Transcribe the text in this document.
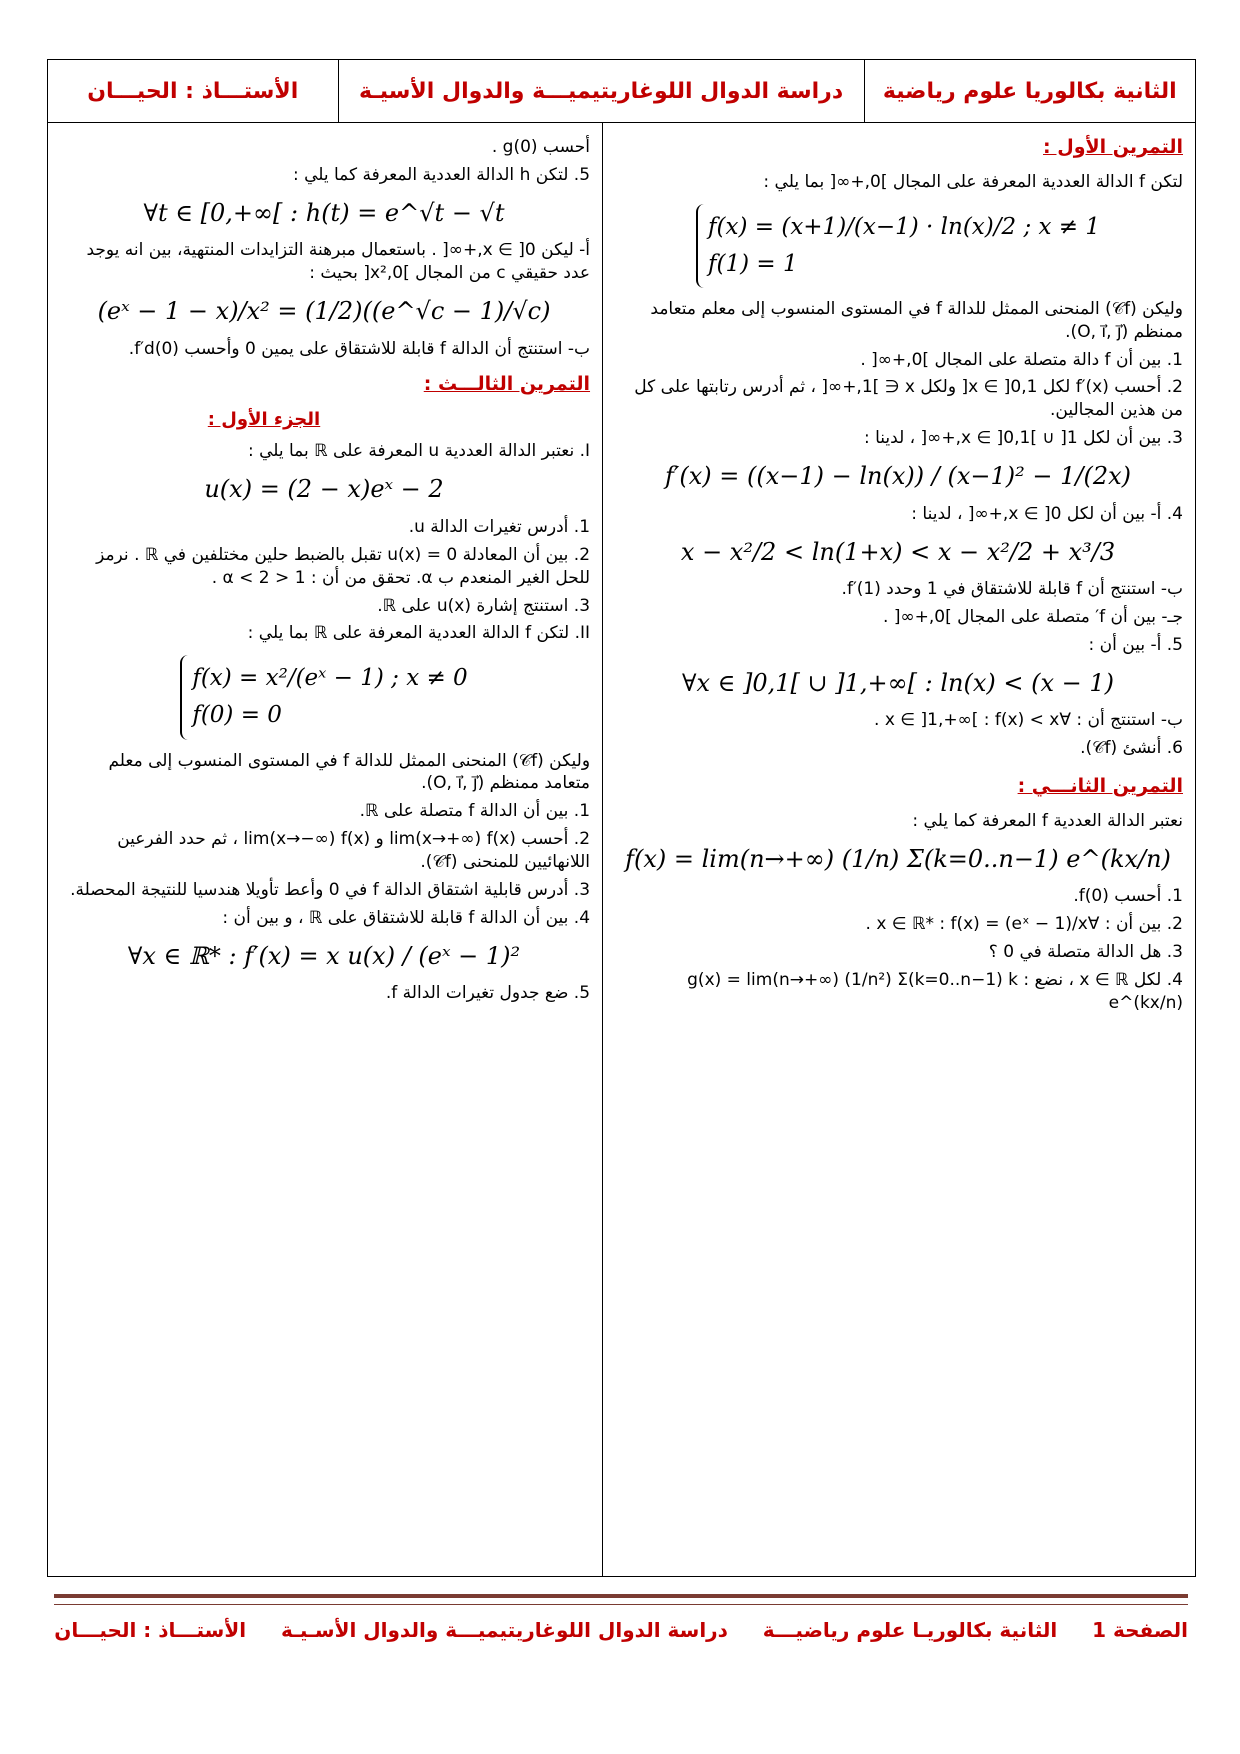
الثانية بكالوريا علوم رياضية
دراسة الدوال اللوغاريتيميـــة والدوال الأسيـة
الأستـــاذ : الحيـــان
التمرين الأول :

لتكن f الدالة العددية المعرفة على المجال ]0,+∞[ بما يلي :

f(x) = (x+1)/(x−1) · ln(x)/2 ; x ≠ 1
f(1) = 1

وليكن (𝒞f) المنحنى الممثل للدالة f في المستوى المنسوب إلى معلم متعامد ممنظم (O, i⃗, j⃗).

1. بين أن f دالة متصلة على المجال ]0,+∞[ .

2. أحسب f′(x) لكل x ∈ ]0,1[ ولكل x ∈ ]1,+∞[ ، ثم أدرس رتابتها على كل من هذين المجالين.

3. بين أن لكل x ∈ ]0,1[ ∪ ]1,+∞[ ، لدينا :

f′(x) = ((x−1) − ln(x)) / (x−1)² − 1/(2x)

4. أ- بين أن لكل x ∈ ]0,+∞[ ، لدينا :

x − x²/2 < ln(1+x) < x − x²/2 + x³/3

ب- استنتج أن f قابلة للاشتقاق في 1 وحدد f′(1).

جـ- بين أن f′ متصلة على المجال ]0,+∞[ .

5. أ- بين أن :

∀x ∈ ]0,1[ ∪ ]1,+∞[ : ln(x) < (x − 1)

ب- استنتج أن : ∀x ∈ ]1,+∞[ : f(x) < x .

6. أنشئ (𝒞f).

التمرين الثانـــي :

نعتبر الدالة العددية f المعرفة كما يلي :

f(x) = lim(n→+∞) (1/n) Σ(k=0..n−1) e^(kx/n)

1. أحسب f(0).

2. بين أن : ∀x ∈ ℝ* : f(x) = (eˣ − 1)/x .

3. هل الدالة متصلة في 0 ؟

4. لكل x ∈ ℝ ، نضع : g(x) = lim(n→+∞) (1/n²) Σ(k=0..n−1) k e^(kx/n)

أحسب g(0) .

5. لتكن h الدالة العددية المعرفة كما يلي :

∀t ∈ [0,+∞[ : h(t) = e^√t − √t

أ- ليكن x ∈ ]0,+∞[ . باستعمال مبرهنة التزايدات المنتهية، بين انه يوجد عدد حقيقي c من المجال ]0,x²[ بحيث :

(eˣ − 1 − x)/x² = (1/2)((e^√c − 1)/√c)

ب- استنتج أن الدالة f قابلة للاشتقاق على يمين 0 وأحسب f′d(0).

التمرين الثالـــث :
الجزء الأول :

I. نعتبر الدالة العددية u المعرفة على ℝ بما يلي :

u(x) = (2 − x)eˣ − 2

1. أدرس تغيرات الدالة u.

2. بين أن المعادلة u(x) = 0 تقبل بالضبط حلين مختلفين في ℝ . نرمز للحل الغير المنعدم ب α. تحقق من أن : 1 < α < 2 .

3. استنتج إشارة u(x) على ℝ.

II. لتكن f الدالة العددية المعرفة على ℝ بما يلي :

f(x) = x²/(eˣ − 1) ; x ≠ 0
f(0) = 0

وليكن (𝒞f) المنحنى الممثل للدالة f في المستوى المنسوب إلى معلم متعامد ممنظم (O, i⃗, j⃗).

1. بين أن الدالة f متصلة على ℝ.

2. أحسب lim(x→+∞) f(x) و lim(x→−∞) f(x) ، ثم حدد الفرعين اللانهائيين للمنحنى (𝒞f).

3. أدرس قابلية اشتقاق الدالة f في 0 وأعط تأويلا هندسيا للنتيجة المحصلة.

4. بين أن الدالة f قابلة للاشتقاق على ℝ ، و بين أن :

∀x ∈ ℝ* : f′(x) = x u(x) / (eˣ − 1)²

5. ضع جدول تغيرات الدالة f.

الصفحة 1     الثانية بكالوريـا علوم رياضيـــة     دراسة الدوال اللوغاريتيميـــة والدوال الأسـيـة     الأستـــاذ : الحيـــان
